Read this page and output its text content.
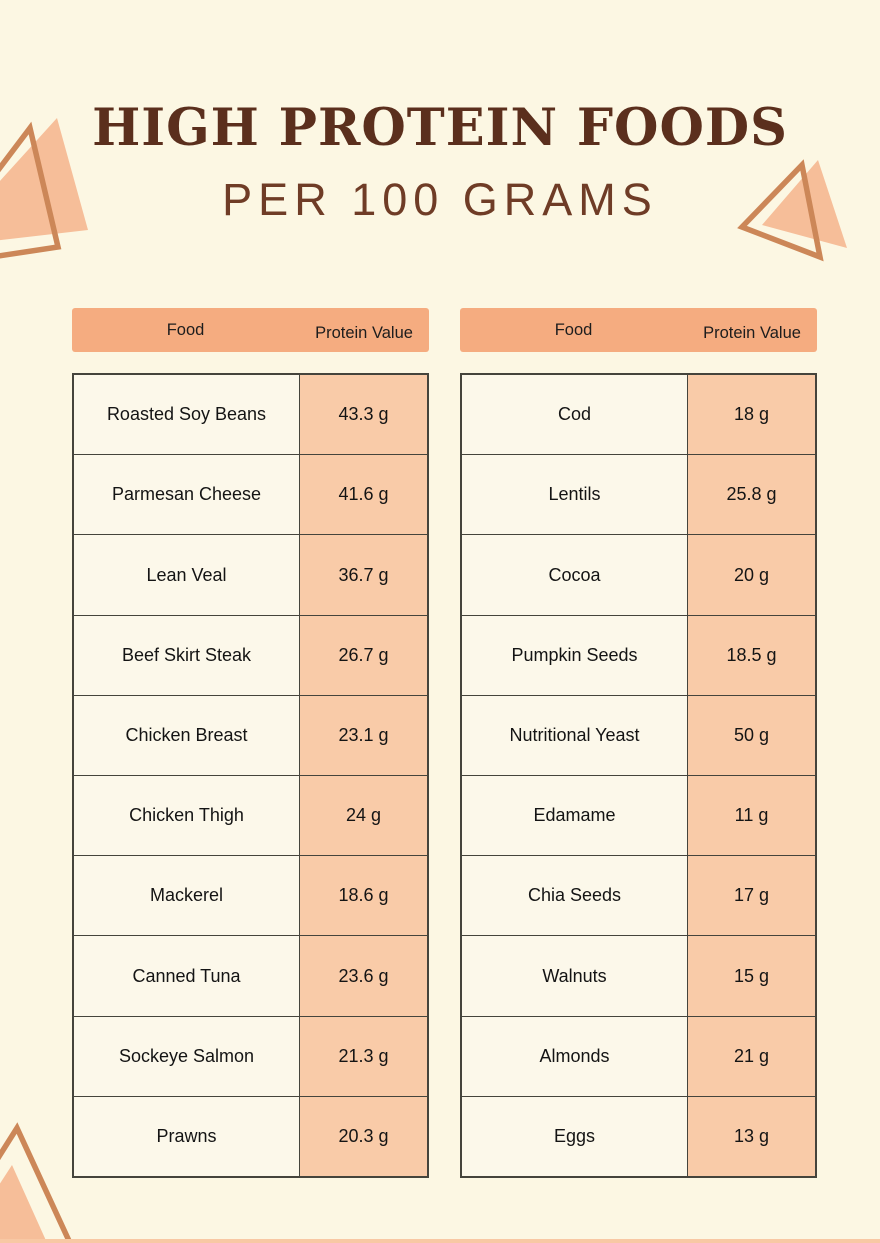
HIGH PROTEIN FOODS
PER 100 GRAMS
Food	Protein Value
Roasted Soy Beans	43.3 g
Parmesan Cheese	41.6 g
Lean Veal	36.7 g
Beef Skirt Steak	26.7 g
Chicken Breast	23.1 g
Chicken Thigh	24 g
Mackerel	18.6 g
Canned Tuna	23.6 g
Sockeye Salmon	21.3 g
Prawns	20.3 g
Food	Protein Value
Cod	18 g
Lentils	25.8 g
Cocoa	20 g
Pumpkin Seeds	18.5 g
Nutritional Yeast	50 g
Edamame	11 g
Chia Seeds	17 g
Walnuts	15 g
Almonds	21 g
Eggs	13 g
